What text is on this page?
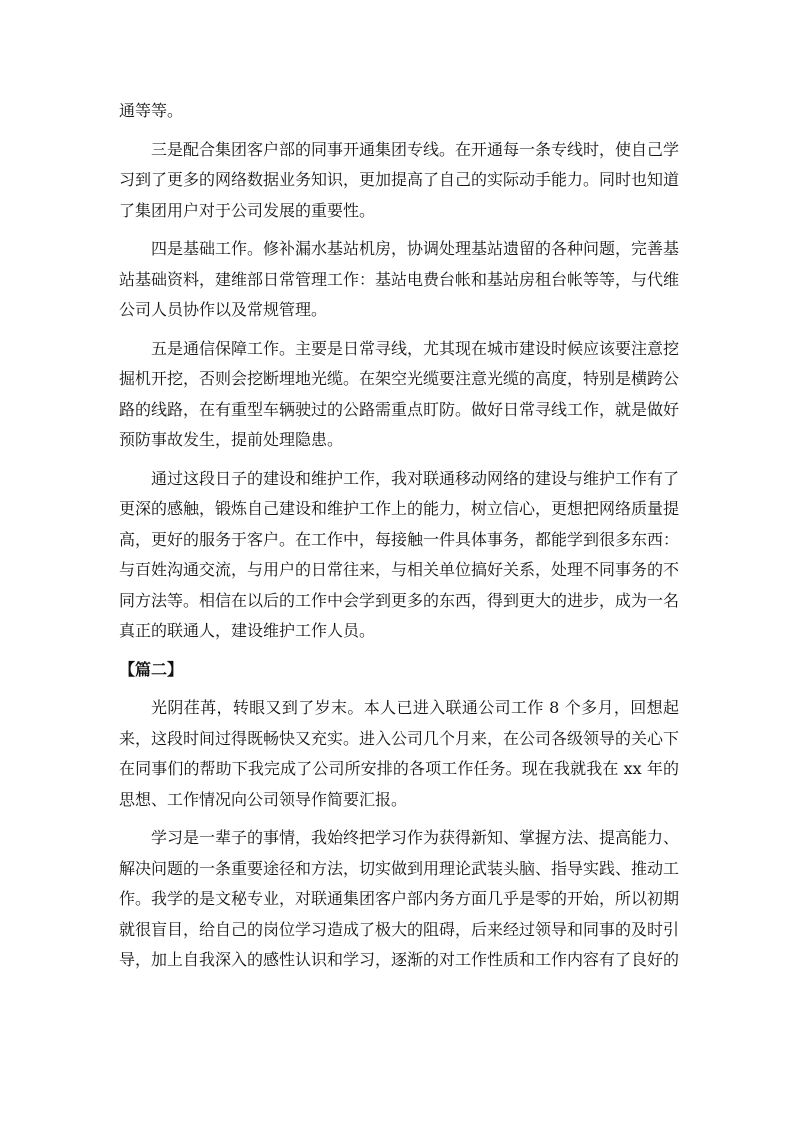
通等等。

三是配合集团客户部的同事开通集团专线。在开通每一条专线时，使自己学习到了更多的网络数据业务知识，更加提高了自己的实际动手能力。同时也知道了集团用户对于公司发展的重要性。

四是基础工作。修补漏水基站机房，协调处理基站遗留的各种问题，完善基站基础资料，建维部日常管理工作：基站电费台帐和基站房租台帐等等，与代维公司人员协作以及常规管理。

五是通信保障工作。主要是日常寻线，尤其现在城市建设时候应该要注意挖掘机开挖，否则会挖断埋地光缆。在架空光缆要注意光缆的高度，特别是横跨公路的线路，在有重型车辆驶过的公路需重点盯防。做好日常寻线工作，就是做好预防事故发生，提前处理隐患。

通过这段日子的建设和维护工作，我对联通移动网络的建设与维护工作有了更深的感触，锻炼自己建设和维护工作上的能力，树立信心，更想把网络质量提高，更好的服务于客户。在工作中，每接触一件具体事务，都能学到很多东西：与百姓沟通交流，与用户的日常往来，与相关单位搞好关系，处理不同事务的不同方法等。相信在以后的工作中会学到更多的东西，得到更大的进步，成为一名真正的联通人，建设维护工作人员。

【篇二】

光阴荏苒，转眼又到了岁末。本人已进入联通公司工作 8 个多月，回想起来，这段时间过得既畅快又充实。进入公司几个月来，在公司各级领导的关心下在同事们的帮助下我完成了公司所安排的各项工作任务。现在我就我在 xx 年的思想、工作情况向公司领导作简要汇报。

学习是一辈子的事情，我始终把学习作为获得新知、掌握方法、提高能力、解决问题的一条重要途径和方法，切实做到用理论武装头脑、指导实践、推动工作。我学的是文秘专业，对联通集团客户部内务方面几乎是零的开始，所以初期就很盲目，给自己的岗位学习造成了极大的阻碍，后来经过领导和同事的及时引导，加上自我深入的感性认识和学习，逐渐的对工作性质和工作内容有了良好的
